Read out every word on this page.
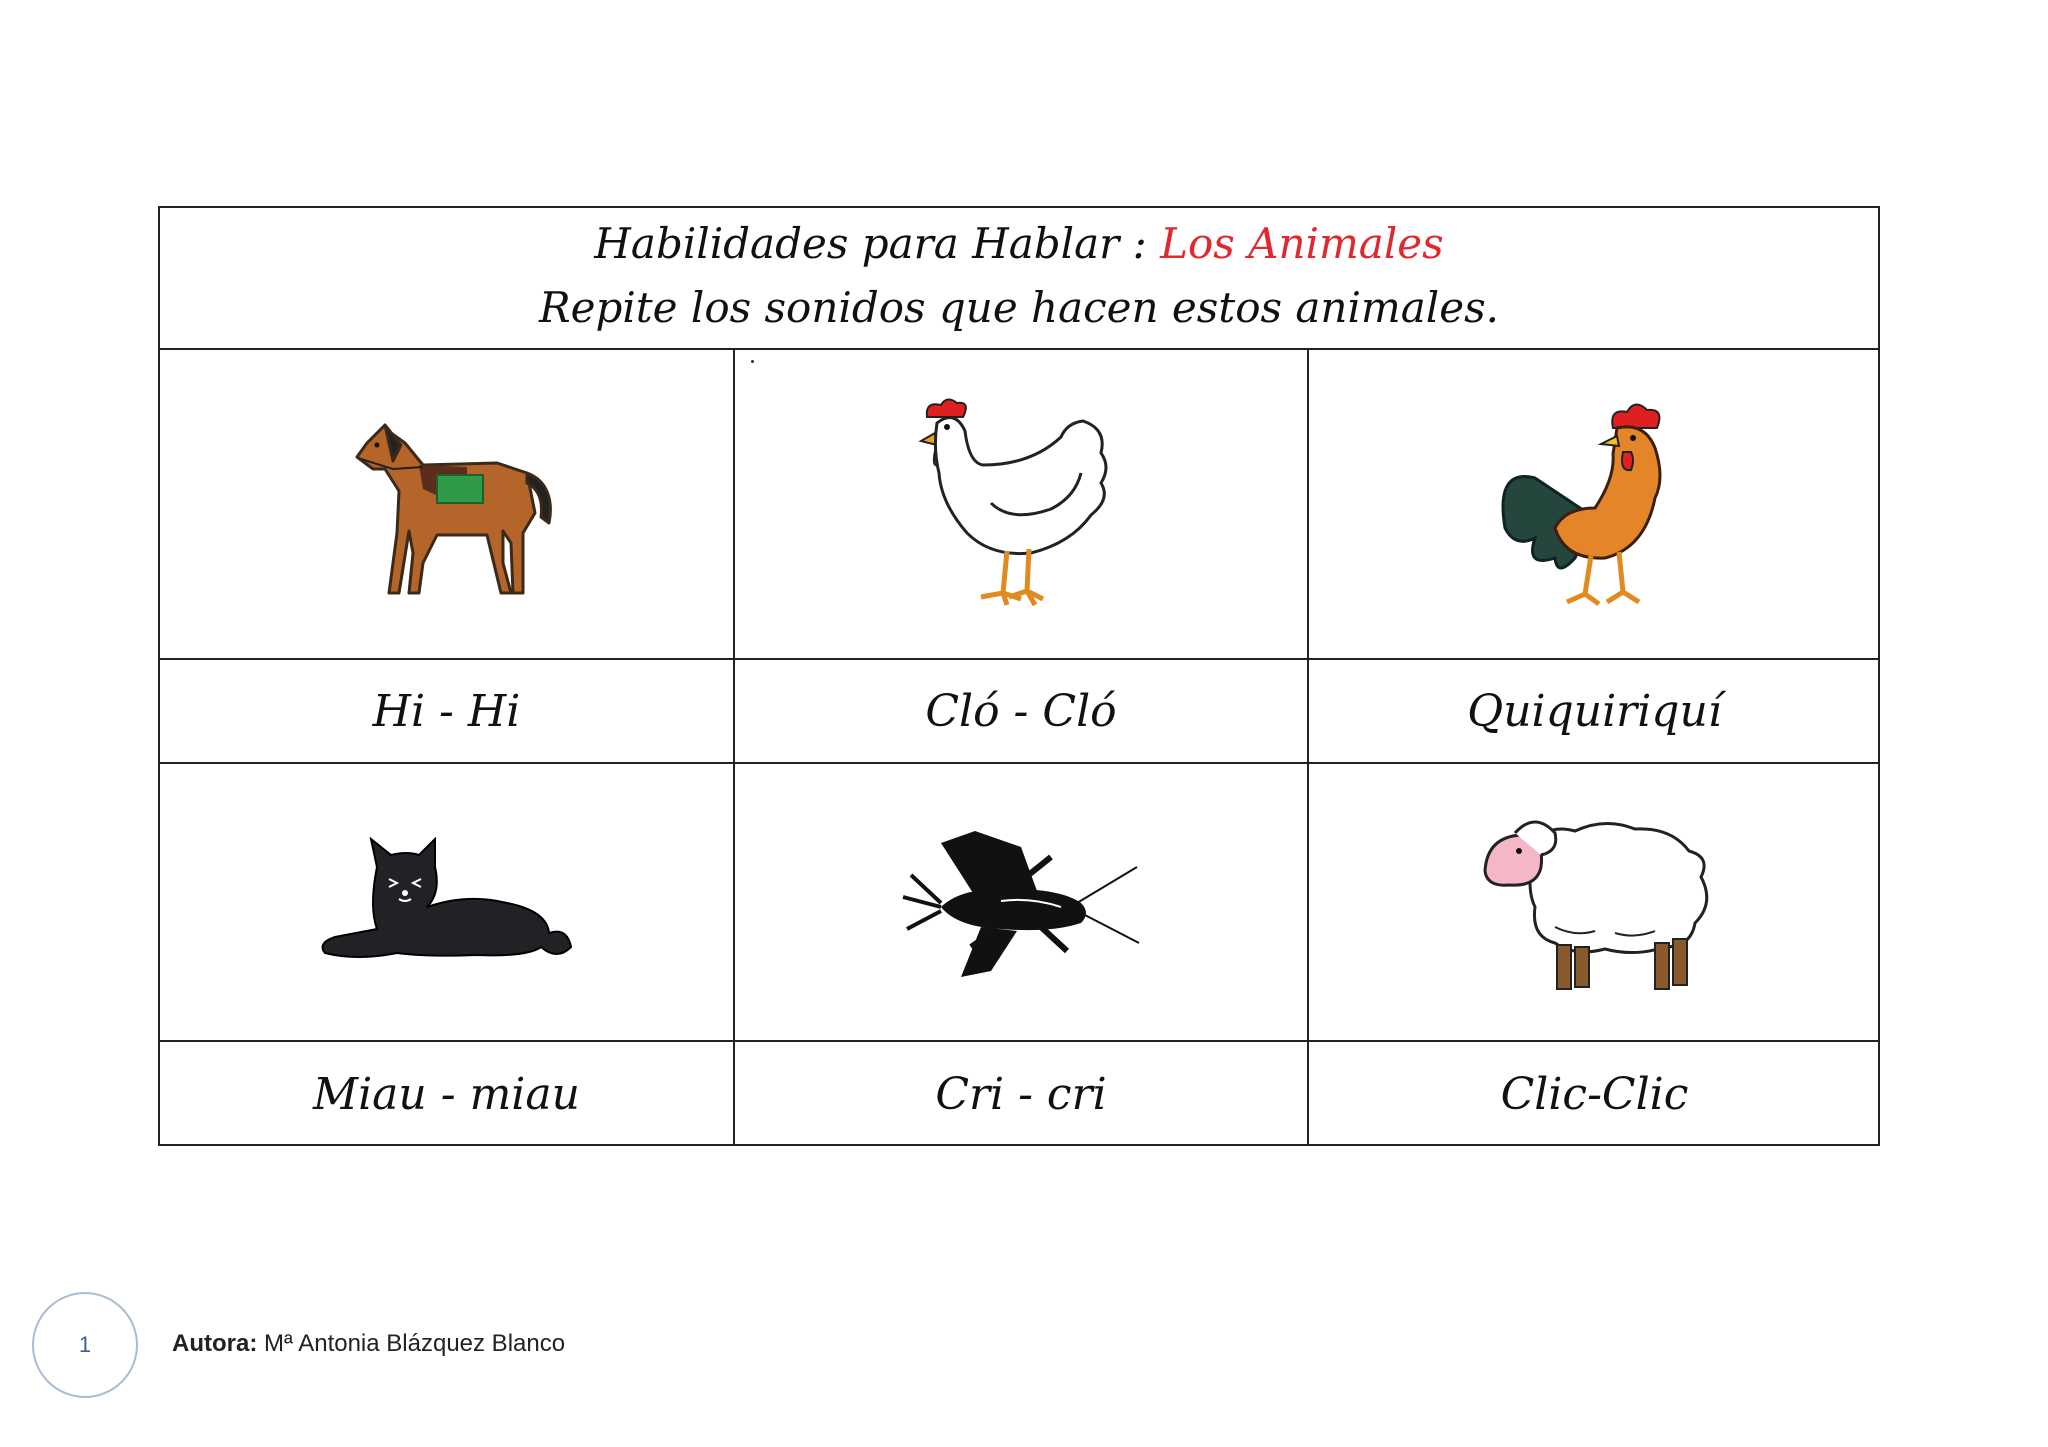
Habilidades para Hablar : Los Animales
Repite los sonidos que hacen estos animales.
Hi - Hi	Cló - Cló	Quiquiriquí
Miau - miau	Cri - cri	Clic-Clic
1	Autora: Mª Antonia Blázquez Blanco
